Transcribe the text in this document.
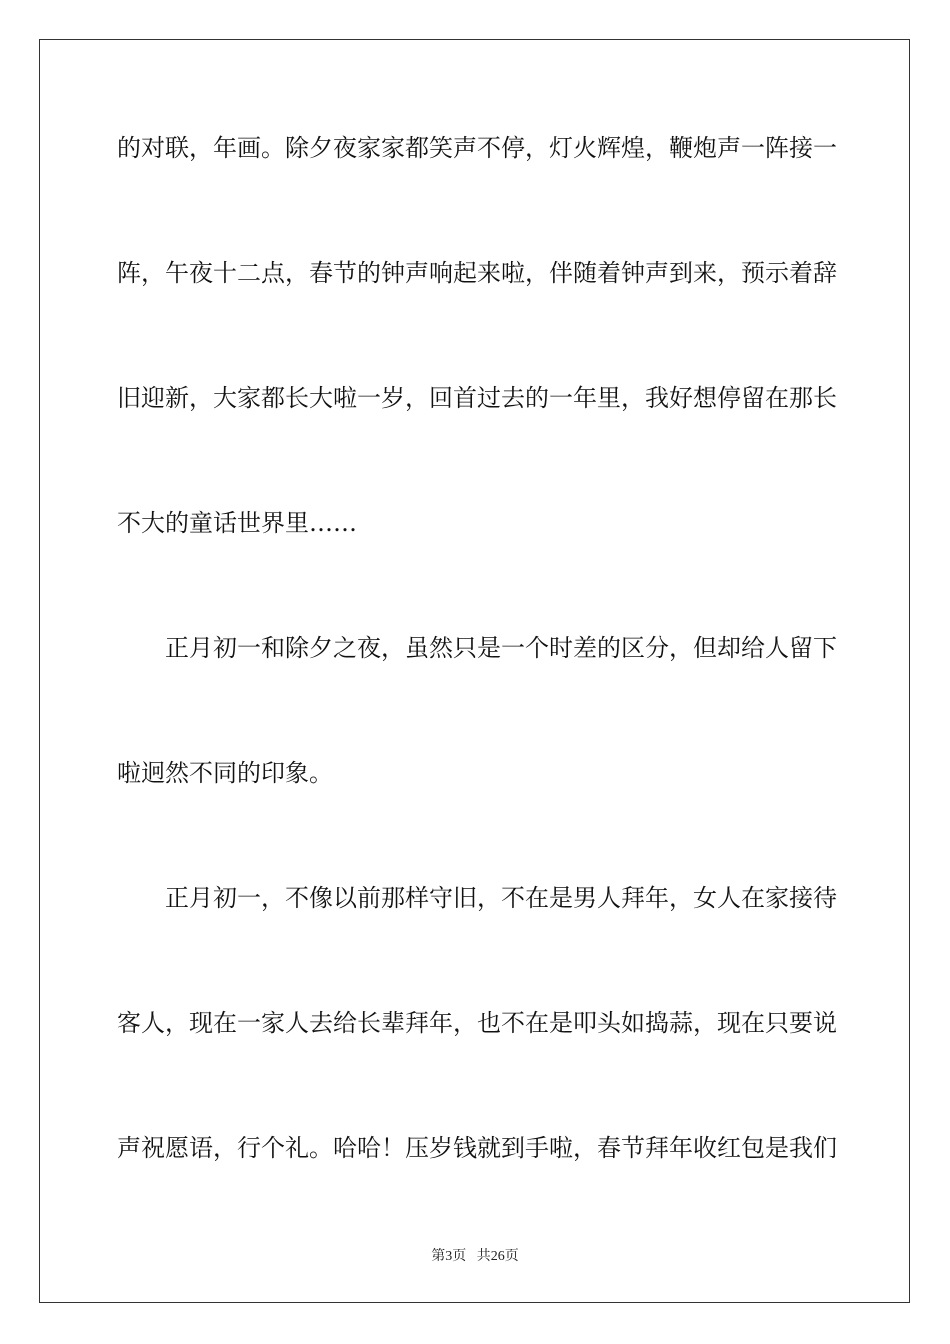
的对联，年画。除夕夜家家都笑声不停，灯火辉煌，鞭炮声一阵接一
阵，午夜十二点，春节的钟声响起来啦，伴随着钟声到来，预示着辞
旧迎新，大家都长大啦一岁，回首过去的一年里，我好想停留在那长
不大的童话世界里……
正月初一和除夕之夜，虽然只是一个时差的区分，但却给人留下
啦迥然不同的印象。
正月初一，不像以前那样守旧，不在是男人拜年，女人在家接待
客人，现在一家人去给长辈拜年，也不在是叩头如捣蒜，现在只要说
声祝愿语，行个礼。哈哈！压岁钱就到手啦，春节拜年收红包是我们
第3页 共26页
